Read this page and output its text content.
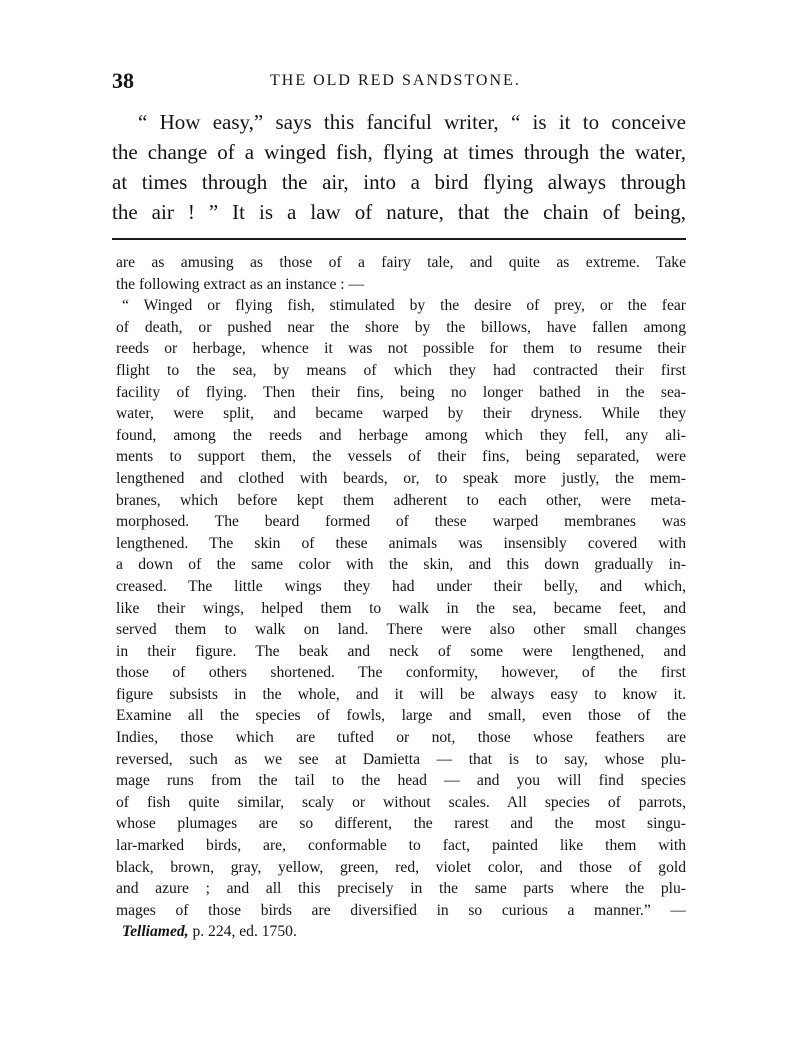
38	THE OLD RED SANDSTONE.
“ How easy,” says this fanciful writer, “ is it to conceive
the change of a winged fish, flying at times through the water,
at times through the air, into a bird flying always through
the air ! ” It is a law of nature, that the chain of being,
are as amusing as those of a fairy tale, and quite as extreme. Take
the following extract as an instance : —
“ Winged or flying fish, stimulated by the desire of prey, or the fear
of death, or pushed near the shore by the billows, have fallen among
reeds or herbage, whence it was not possible for them to resume their
flight to the sea, by means of which they had contracted their first
facility of flying. Then their fins, being no longer bathed in the sea-
water, were split, and became warped by their dryness. While they
found, among the reeds and herbage among which they fell, any ali-
ments to support them, the vessels of their fins, being separated, were
lengthened and clothed with beards, or, to speak more justly, the mem-
branes, which before kept them adherent to each other, were meta-
morphosed. The beard formed of these warped membranes was
lengthened. The skin of these animals was insensibly covered with
a down of the same color with the skin, and this down gradually in-
creased. The little wings they had under their belly, and which,
like their wings, helped them to walk in the sea, became feet, and
served them to walk on land. There were also other small changes
in their figure. The beak and neck of some were lengthened, and
those of others shortened. The conformity, however, of the first
figure subsists in the whole, and it will be always easy to know it.
Examine all the species of fowls, large and small, even those of the
Indies, those which are tufted or not, those whose feathers are
reversed, such as we see at Damietta — that is to say, whose plu-
mage runs from the tail to the head — and you will find species
of fish quite similar, scaly or without scales. All species of parrots,
whose plumages are so different, the rarest and the most singu-
lar-marked birds, are, conformable to fact, painted like them with
black, brown, gray, yellow, green, red, violet color, and those of gold
and azure ; and all this precisely in the same parts where the plu-
mages of those birds are diversified in so curious a manner.” —
Telliamed, p. 224, ed. 1750.
